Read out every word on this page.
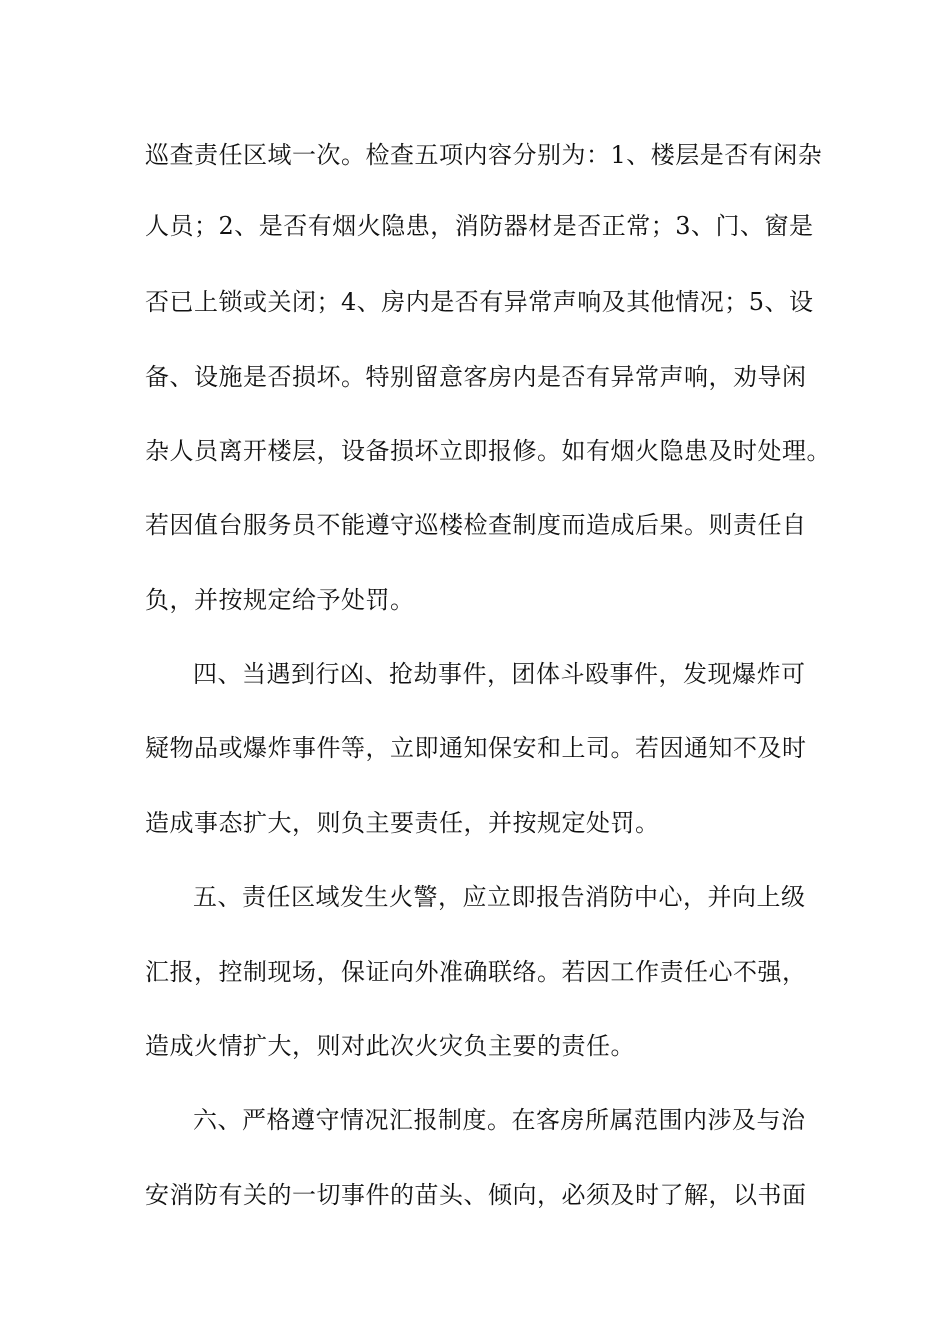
巡查责任区域一次。检查五项内容分别为：1、楼层是否有闲杂
人员；2、是否有烟火隐患，消防器材是否正常；3、门、窗是
否已上锁或关闭；4、房内是否有异常声响及其他情况；5、设
备、设施是否损坏。特别留意客房内是否有异常声响，劝导闲
杂人员离开楼层，设备损坏立即报修。如有烟火隐患及时处理。
若因值台服务员不能遵守巡楼检查制度而造成后果。则责任自
负，并按规定给予处罚。
四、当遇到行凶、抢劫事件，团体斗殴事件，发现爆炸可
疑物品或爆炸事件等，立即通知保安和上司。若因通知不及时
造成事态扩大，则负主要责任，并按规定处罚。
五、责任区域发生火警，应立即报告消防中心，并向上级
汇报，控制现场，保证向外准确联络。若因工作责任心不强，
造成火情扩大，则对此次火灾负主要的责任。
六、严格遵守情况汇报制度。在客房所属范围内涉及与治
安消防有关的一切事件的苗头、倾向，必须及时了解，以书面
